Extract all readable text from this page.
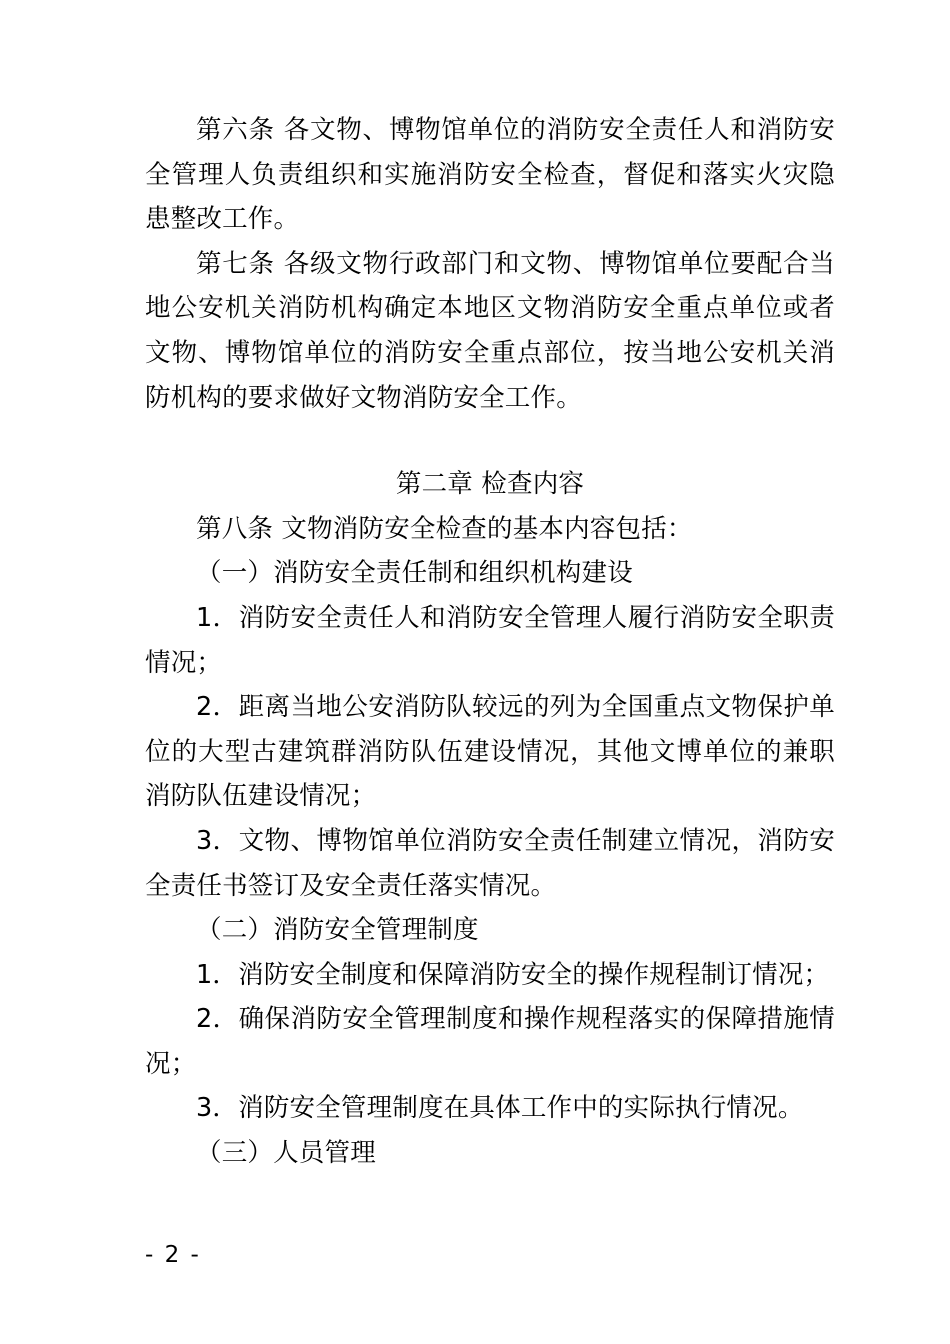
第六条 各文物、博物馆单位的消防安全责任人和消防安全管理人负责组织和实施消防安全检查，督促和落实火灾隐患整改工作。

第七条 各级文物行政部门和文物、博物馆单位要配合当地公安机关消防机构确定本地区文物消防安全重点单位或者文物、博物馆单位的消防安全重点部位，按当地公安机关消防机构的要求做好文物消防安全工作。

第二章 检查内容

第八条 文物消防安全检查的基本内容包括：

（一）消防安全责任制和组织机构建设

1．消防安全责任人和消防安全管理人履行消防安全职责情况；

2．距离当地公安消防队较远的列为全国重点文物保护单位的大型古建筑群消防队伍建设情况，其他文博单位的兼职消防队伍建设情况；

3．文物、博物馆单位消防安全责任制建立情况，消防安全责任书签订及安全责任落实情况。

（二）消防安全管理制度

1．消防安全制度和保障消防安全的操作规程制订情况；

2．确保消防安全管理制度和操作规程落实的保障措施情况；

3．消防安全管理制度在具体工作中的实际执行情况。

（三）人员管理

- 2 -
